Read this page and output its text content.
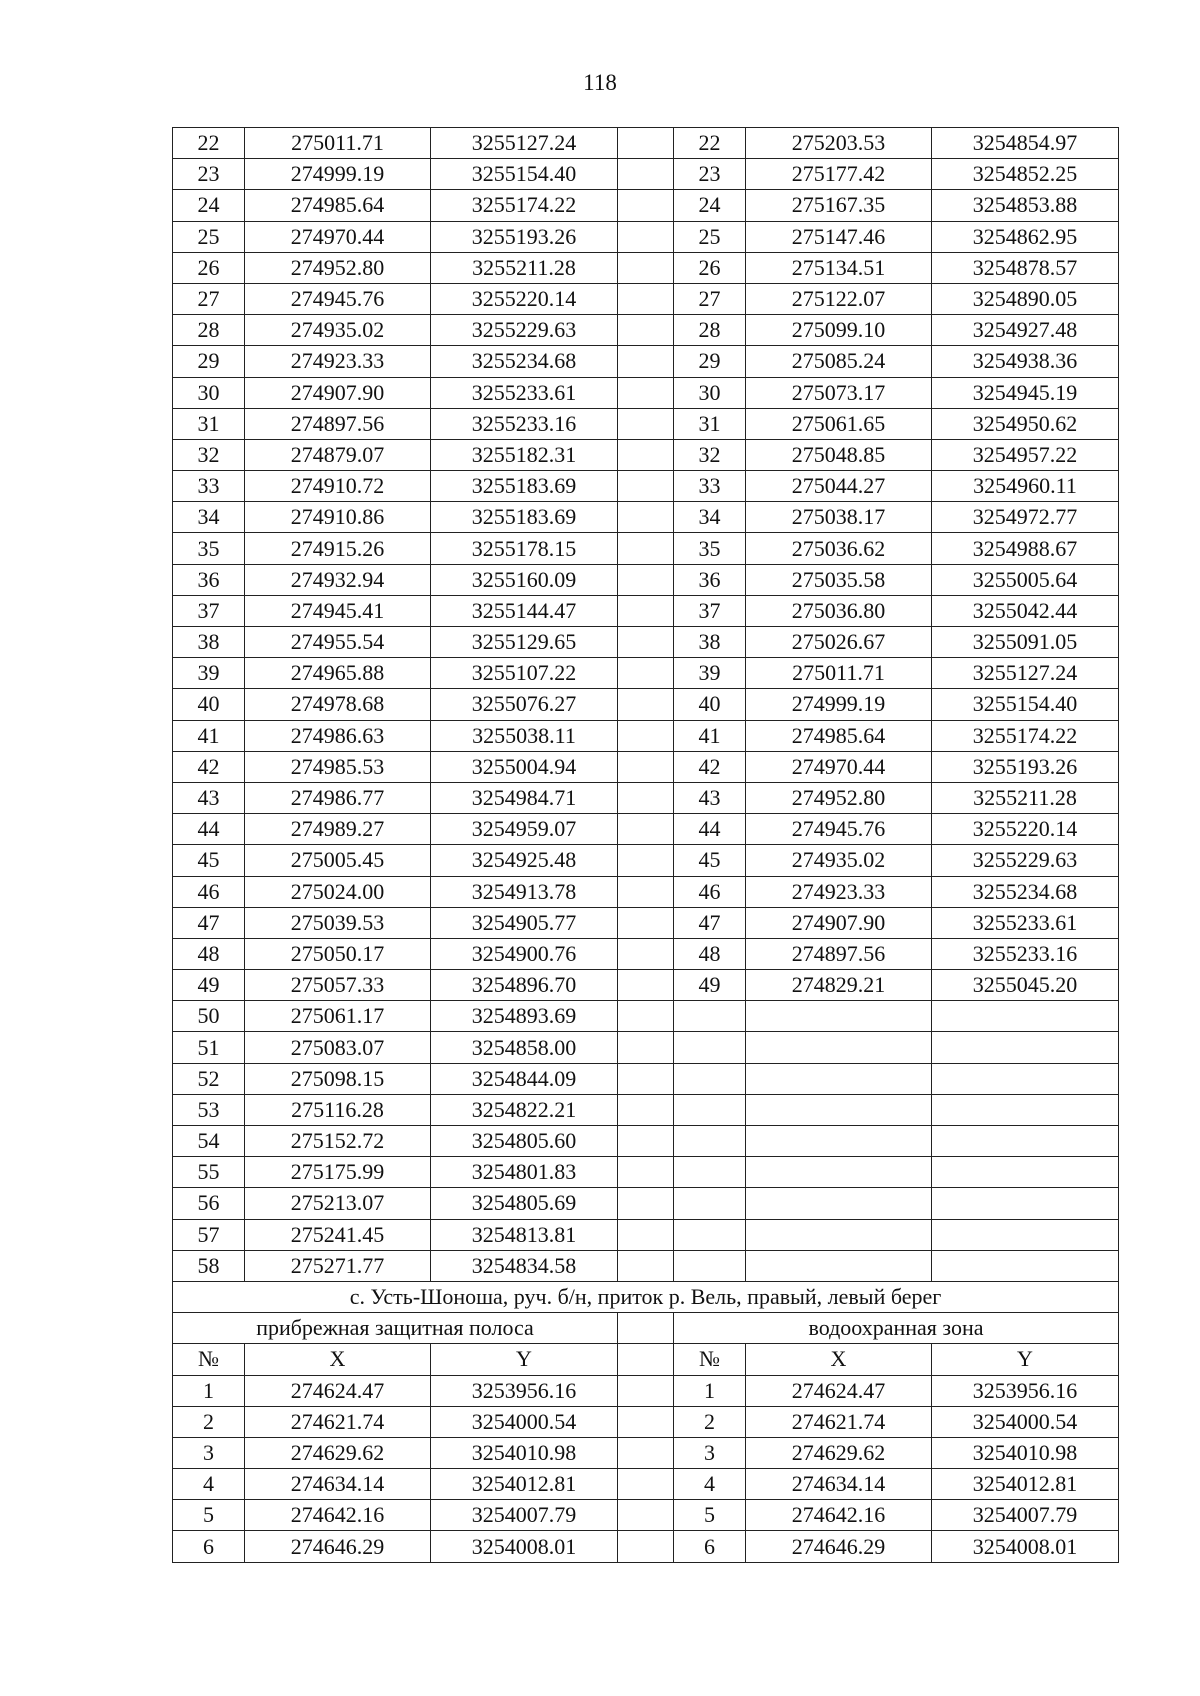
118
22	275011.71	3255127.24		22	275203.53	3254854.97
23	274999.19	3255154.40		23	275177.42	3254852.25
24	274985.64	3255174.22		24	275167.35	3254853.88
25	274970.44	3255193.26		25	275147.46	3254862.95
26	274952.80	3255211.28		26	275134.51	3254878.57
27	274945.76	3255220.14		27	275122.07	3254890.05
28	274935.02	3255229.63		28	275099.10	3254927.48
29	274923.33	3255234.68		29	275085.24	3254938.36
30	274907.90	3255233.61		30	275073.17	3254945.19
31	274897.56	3255233.16		31	275061.65	3254950.62
32	274879.07	3255182.31		32	275048.85	3254957.22
33	274910.72	3255183.69		33	275044.27	3254960.11
34	274910.86	3255183.69		34	275038.17	3254972.77
35	274915.26	3255178.15		35	275036.62	3254988.67
36	274932.94	3255160.09		36	275035.58	3255005.64
37	274945.41	3255144.47		37	275036.80	3255042.44
38	274955.54	3255129.65		38	275026.67	3255091.05
39	274965.88	3255107.22		39	275011.71	3255127.24
40	274978.68	3255076.27		40	274999.19	3255154.40
41	274986.63	3255038.11		41	274985.64	3255174.22
42	274985.53	3255004.94		42	274970.44	3255193.26
43	274986.77	3254984.71		43	274952.80	3255211.28
44	274989.27	3254959.07		44	274945.76	3255220.14
45	275005.45	3254925.48		45	274935.02	3255229.63
46	275024.00	3254913.78		46	274923.33	3255234.68
47	275039.53	3254905.77		47	274907.90	3255233.61
48	275050.17	3254900.76		48	274897.56	3255233.16
49	275057.33	3254896.70		49	274829.21	3255045.20
50	275061.17	3254893.69				
51	275083.07	3254858.00				
52	275098.15	3254844.09				
53	275116.28	3254822.21				
54	275152.72	3254805.60				
55	275175.99	3254801.83				
56	275213.07	3254805.69				
57	275241.45	3254813.81				
58	275271.77	3254834.58				
с. Усть-Шоноша, руч. б/н, приток р. Вель, правый, левый берег						
прибрежная защитная полоса				водоохранная зона		
№	X	Y		№	X	Y
1	274624.47	3253956.16		1	274624.47	3253956.16
2	274621.74	3254000.54		2	274621.74	3254000.54
3	274629.62	3254010.98		3	274629.62	3254010.98
4	274634.14	3254012.81		4	274634.14	3254012.81
5	274642.16	3254007.79		5	274642.16	3254007.79
6	274646.29	3254008.01		6	274646.29	3254008.01
